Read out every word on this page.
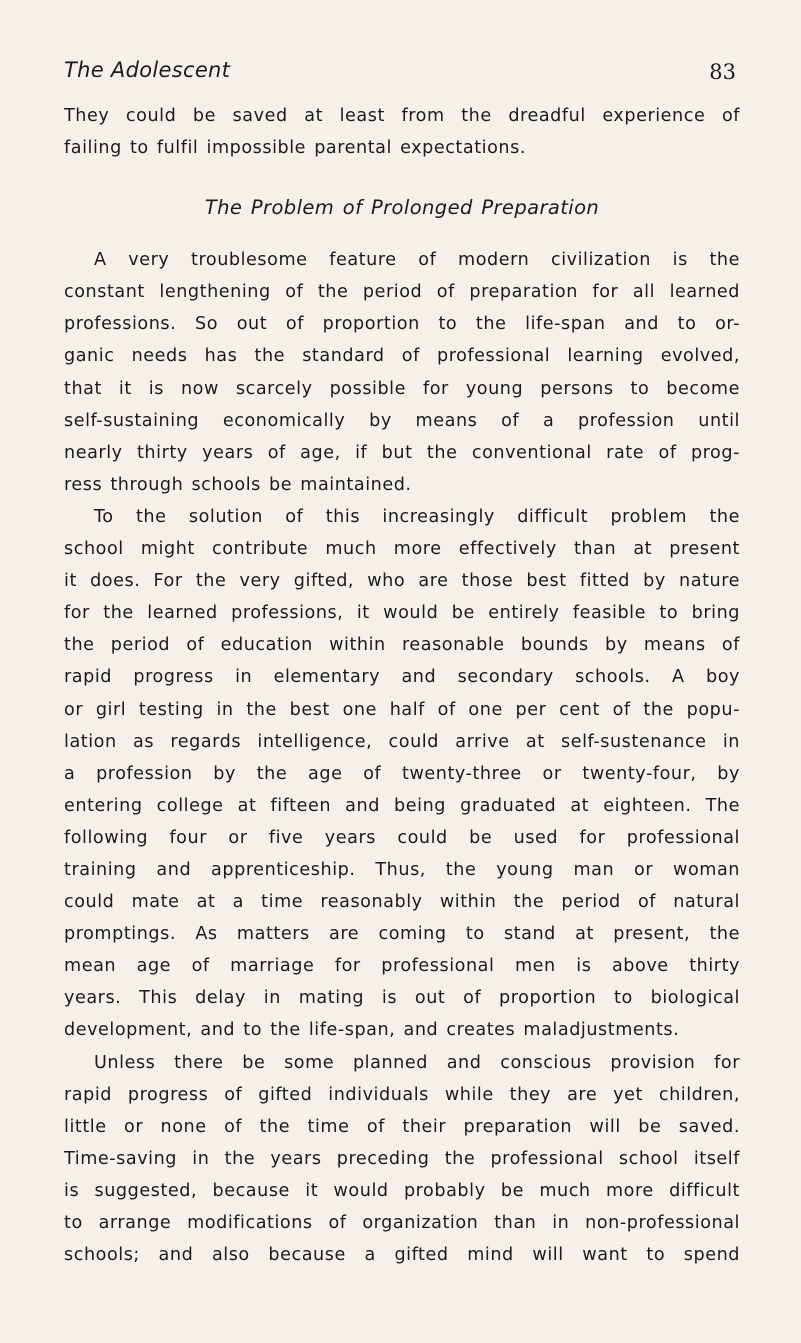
The Adolescent	83
They could be saved at least from the dreadful experience of
failing to fulfil impossible parental expectations.
The Problem of Prolonged Preparation
A very troublesome feature of modern civilization is the
constant lengthening of the period of preparation for all learned
professions. So out of proportion to the life-span and to or-
ganic needs has the standard of professional learning evolved,
that it is now scarcely possible for young persons to become
self-sustaining economically by means of a profession until
nearly thirty years of age, if but the conventional rate of prog-
ress through schools be maintained.
To the solution of this increasingly difficult problem the
school might contribute much more effectively than at present
it does. For the very gifted, who are those best fitted by nature
for the learned professions, it would be entirely feasible to bring
the period of education within reasonable bounds by means of
rapid progress in elementary and secondary schools. A boy
or girl testing in the best one half of one per cent of the popu-
lation as regards intelligence, could arrive at self-sustenance in
a profession by the age of twenty-three or twenty-four, by
entering college at fifteen and being graduated at eighteen. The
following four or five years could be used for professional
training and apprenticeship. Thus, the young man or woman
could mate at a time reasonably within the period of natural
promptings. As matters are coming to stand at present, the
mean age of marriage for professional men is above thirty
years. This delay in mating is out of proportion to biological
development, and to the life-span, and creates maladjustments.
Unless there be some planned and conscious provision for
rapid progress of gifted individuals while they are yet children,
little or none of the time of their preparation will be saved.
Time-saving in the years preceding the professional school itself
is suggested, because it would probably be much more difficult
to arrange modifications of organization than in non-professional
schools; and also because a gifted mind will want to spend
